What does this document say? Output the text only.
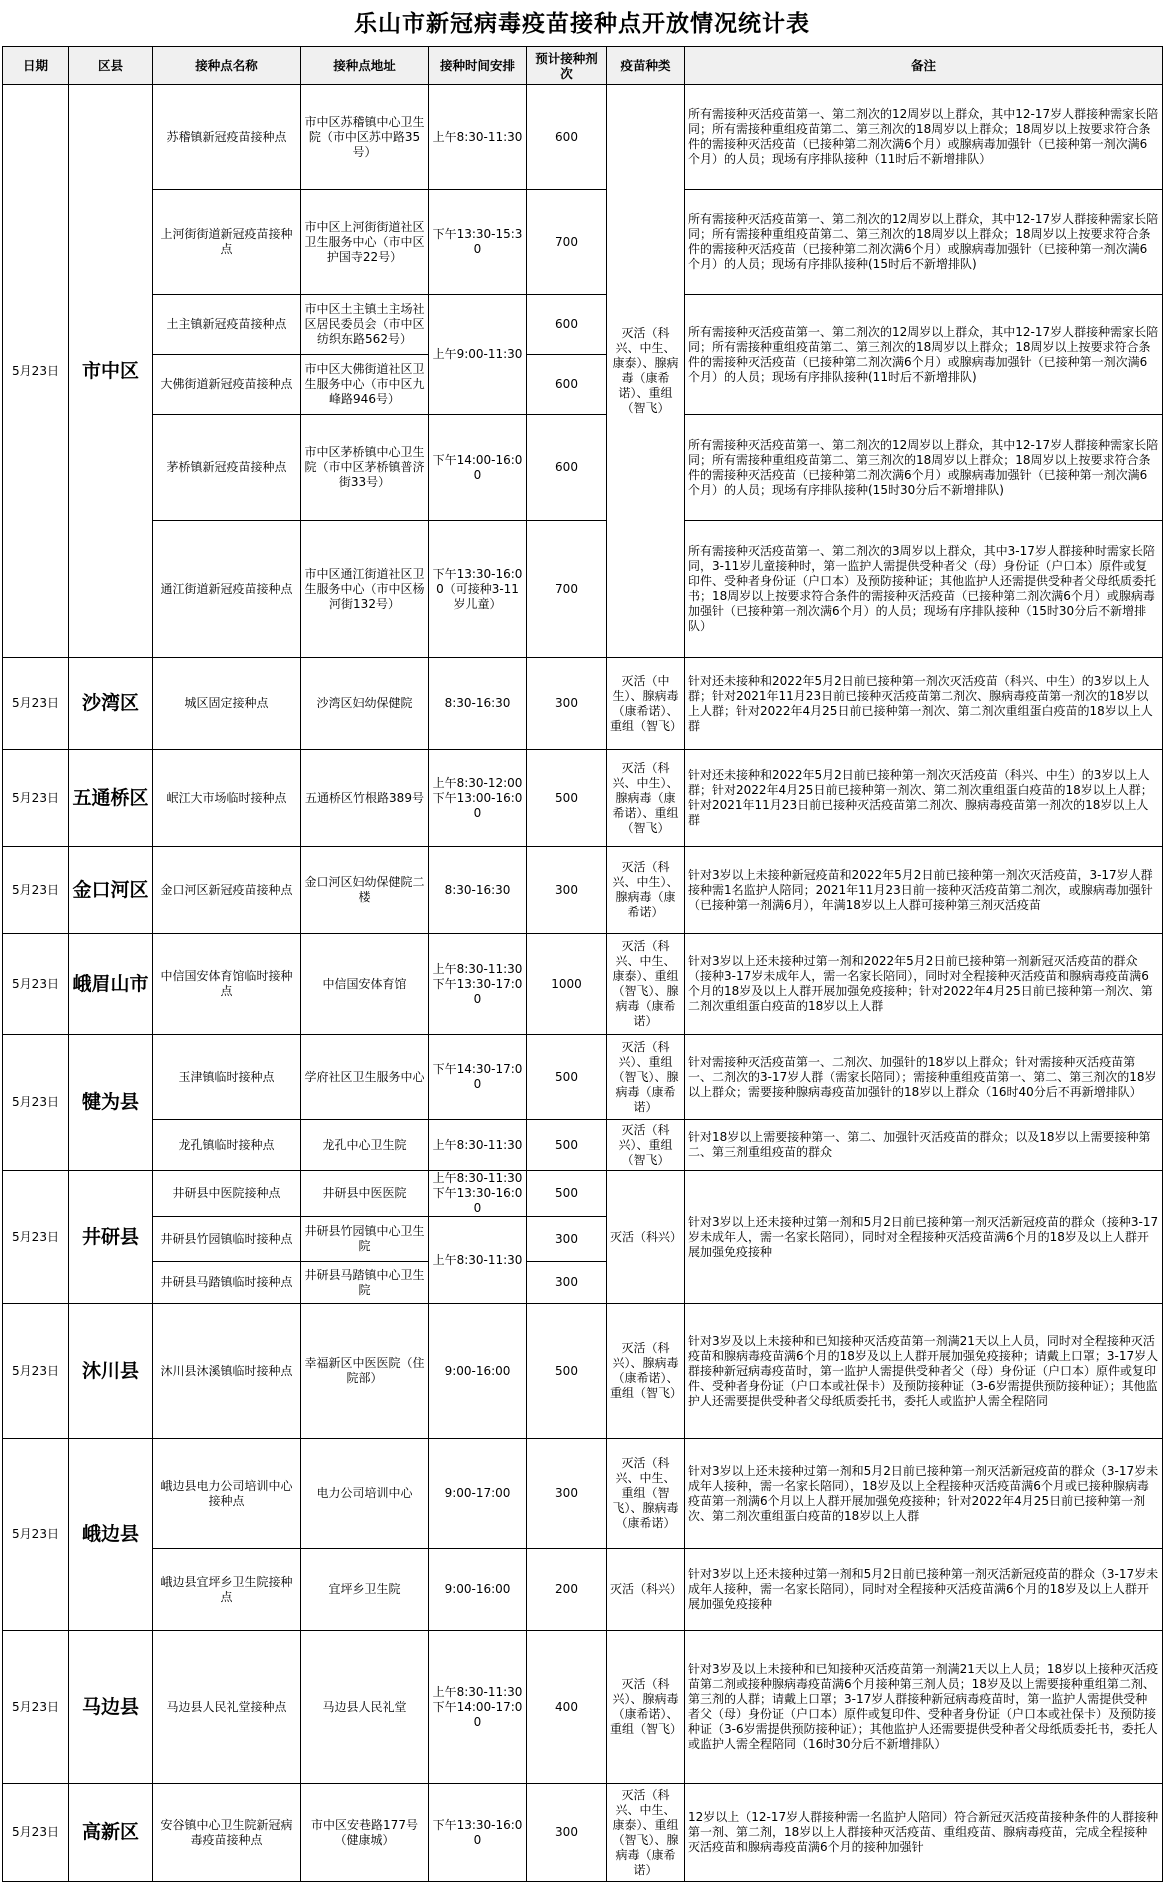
乐山市新冠病毒疫苗接种点开放情况统计表
日期	区县	接种点名称	接种点地址	接种时间安排	预计接种剂次	疫苗种类	备注
5月23日	市中区	苏稽镇新冠疫苗接种点	市中区苏稽镇中心卫生院（市中区苏中路35号）	上午8:30-11:30	600	灭活（科兴、中生、康泰）、腺病毒（康希诺）、重组（智飞）	所有需接种灭活疫苗第一、第二剂次的12周岁以上群众，其中12-17岁人群接种需家长陪同；所有需接种重组疫苗第二、第三剂次的18周岁以上群众；18周岁以上按要求符合条件的需接种灭活疫苗（已接种第二剂次满6个月）或腺病毒加强针（已接种第一剂次满6个月）的人员；现场有序排队接种（11时后不新增排队）
		上河街街道新冠疫苗接种点	市中区上河街街道社区卫生服务中心（市中区护国寺22号）	下午13:30-15:30	700		所有需接种灭活疫苗第一、第二剂次的12周岁以上群众，其中12-17岁人群接种需家长陪同；所有需接种重组疫苗第二、第三剂次的18周岁以上群众；18周岁以上按要求符合条件的需接种灭活疫苗（已接种第二剂次满6个月）或腺病毒加强针（已接种第一剂次满6个月）的人员；现场有序排队接种(15时后不新增排队)
		土主镇新冠疫苗接种点	市中区土主镇土主场社区居民委员会（市中区纺织东路562号）	上午9:00-11:30	600		所有需接种灭活疫苗第一、第二剂次的12周岁以上群众，其中12-17岁人群接种需家长陪同；所有需接种重组疫苗第二、第三剂次的18周岁以上群众；18周岁以上按要求符合条件的需接种灭活疫苗（已接种第二剂次满6个月）或腺病毒加强针（已接种第一剂次满6个月）的人员；现场有序排队接种(11时后不新增排队)
		大佛街道新冠疫苗接种点	市中区大佛街道社区卫生服务中心（市中区九峰路946号）		600		
		茅桥镇新冠疫苗接种点	市中区茅桥镇中心卫生院（市中区茅桥镇普济街33号）	下午14:00-16:00	600		所有需接种灭活疫苗第一、第二剂次的12周岁以上群众，其中12-17岁人群接种需家长陪同；所有需接种重组疫苗第二、第三剂次的18周岁以上群众；18周岁以上按要求符合条件的需接种灭活疫苗（已接种第二剂次满6个月）或腺病毒加强针（已接种第一剂次满6个月）的人员；现场有序排队接种(15时30分后不新增排队)
		通江街道新冠疫苗接种点	市中区通江街道社区卫生服务中心（市中区杨河街132号）	下午13:30-16:00（可接种3-11岁儿童）	700		所有需接种灭活疫苗第一、第二剂次的3周岁以上群众，其中3-17岁人群接种时需家长陪同，3-11岁儿童接种时，第一监护人需提供受种者父（母）身份证（户口本）原件或复印件、受种者身份证（户口本）及预防接种证；其他监护人还需提供受种者父母纸质委托书；18周岁以上按要求符合条件的需接种灭活疫苗（已接种第二剂次满6个月）或腺病毒加强针（已接种第一剂次满6个月）的人员；现场有序排队接种（15时30分后不新增排队）
5月23日	沙湾区	城区固定接种点	沙湾区妇幼保健院	8:30-16:30	300	灭活（中生）、腺病毒（康希诺）、重组（智飞）	针对还未接种和2022年5月2日前已接种第一剂次灭活疫苗（科兴、中生）的3岁以上人群；针对2021年11月23日前已接种灭活疫苗第二剂次、腺病毒疫苗第一剂次的18岁以上人群；针对2022年4月25日前已接种第一剂次、第二剂次重组蛋白疫苗的18岁以上人群
5月23日	五通桥区	岷江大市场临时接种点	五通桥区竹根路389号	上午8:30-12:00 下午13:00-16:00	500	灭活（科兴、中生）、腺病毒（康希诺）、重组（智飞）	针对还未接种和2022年5月2日前已接种第一剂次灭活疫苗（科兴、中生）的3岁以上人群；针对2022年4月25日前已接种第一剂次、第二剂次重组蛋白疫苗的18岁以上人群；针对2021年11月23日前已接种灭活疫苗第二剂次、腺病毒疫苗第一剂次的18岁以上人群
5月23日	金口河区	金口河区新冠疫苗接种点	金口河区妇幼保健院二楼	8:30-16:30	300	灭活（科兴、中生）、腺病毒（康希诺）	针对3岁以上未接种新冠疫苗和2022年5月2日前已接种第一剂次灭活疫苗，3-17岁人群接种需1名监护人陪同；2021年11月23日前一接种灭活疫苗第二剂次，或腺病毒加强针（已接种第一剂满6月），年满18岁以上人群可接种第三剂灭活疫苗
5月23日	峨眉山市	中信国安体育馆临时接种点	中信国安体育馆	上午8:30-11:30 下午13:30-17:00	1000	灭活（科兴、中生、康泰）、重组（智飞）、腺病毒（康希诺）	针对3岁以上还未接种过第一剂和2022年5月2日前已接种第一剂新冠灭活疫苗的群众（接种3-17岁未成年人，需一名家长陪同），同时对全程接种灭活疫苗和腺病毒疫苗满6个月的18岁及以上人群开展加强免疫接种；针对2022年4月25日前已接种第一剂次、第二剂次重组蛋白疫苗的18岁以上人群
5月23日	犍为县	玉津镇临时接种点	学府社区卫生服务中心	下午14:30-17:00	500	灭活（科兴）、重组（智飞）、腺病毒（康希诺）	针对需接种灭活疫苗第一、二剂次、加强针的18岁以上群众；针对需接种灭活疫苗第一、二剂次的3-17岁人群（需家长陪同）；需接种重组疫苗第一、第二、第三剂次的18岁以上群众；需要接种腺病毒疫苗加强针的18岁以上群众（16时40分后不再新增排队）
		龙孔镇临时接种点	龙孔中心卫生院	上午8:30-11:30	500	灭活（科兴）、重组（智飞）	针对18岁以上需要接种第一、第二、加强针灭活疫苗的群众；以及18岁以上需要接种第二、第三剂重组疫苗的群众
5月23日	井研县	井研县中医院接种点	井研县中医医院	上午8:30-11:30 下午13:30-16:00	500	灭活（科兴）	针对3岁以上还未接种过第一剂和5月2日前已接种第一剂灭活新冠疫苗的群众（接种3-17岁未成年人，需一名家长陪同），同时对全程接种灭活疫苗满6个月的18岁及以上人群开展加强免疫接种
		井研县竹园镇临时接种点	井研县竹园镇中心卫生院	上午8:30-11:30	300		
		井研县马踏镇临时接种点	井研县马踏镇中心卫生院		300		
5月23日	沐川县	沐川县沐溪镇临时接种点	幸福新区中医医院（住院部）	9:00-16:00	500	灭活（科兴）、腺病毒（康希诺）、重组（智飞）	针对3岁及以上未接种和已知接种灭活疫苗第一剂满21天以上人员，同时对全程接种灭活疫苗和腺病毒疫苗满6个月的18岁及以上人群开展加强免疫接种；请戴上口罩；3-17岁人群接种新冠病毒疫苗时，第一监护人需提供受种者父（母）身份证（户口本）原件或复印件、受种者身份证（户口本或社保卡）及预防接种证（3-6岁需提供预防接种证）；其他监护人还需要提供受种者父母纸质委托书，委托人或监护人需全程陪同
5月23日	峨边县	峨边县电力公司培训中心接种点	电力公司培训中心	9:00-17:00	300	灭活（科兴、中生、重组（智飞）、腺病毒（康希诺）	针对3岁以上还未接种过第一剂和5月2日前已接种第一剂灭活新冠疫苗的群众（3-17岁未成年人接种，需一名家长陪同），18岁及以上全程接种灭活疫苗满6个月或已接种腺病毒疫苗第一剂满6个月以上人群开展加强免疫接种；针对2022年4月25日前已接种第一剂次、第二剂次重组蛋白疫苗的18岁以上人群
		峨边县宜坪乡卫生院接种点	宜坪乡卫生院	9:00-16:00	200	灭活（科兴）	针对3岁以上还未接种过第一剂和5月2日前已接种第一剂灭活新冠疫苗的群众（3-17岁未成年人接种，需一名家长陪同），同时对全程接种灭活疫苗满6个月的18岁及以上人群开展加强免疫接种
5月23日	马边县	马边县人民礼堂接种点	马边县人民礼堂	上午8:30-11:30 下午14:00-17:00	400	灭活（科兴）、腺病毒（康希诺）、重组（智飞）	针对3岁及以上未接种和已知接种灭活疫苗第一剂满21天以上人员；18岁以上接种灭活疫苗第二剂或接种腺病毒疫苗满6个月接种第三剂人员；18岁及以上需要接种重组第二剂、第三剂的人群；请戴上口罩；3-17岁人群接种新冠病毒疫苗时，第一监护人需提供受种者父（母）身份证（户口本）原件或复印件、受种者身份证（户口本或社保卡）及预防接种证（3-6岁需提供预防接种证）；其他监护人还需要提供受种者父母纸质委托书，委托人或监护人需全程陪同（16时30分后不新增排队）
5月23日	高新区	安谷镇中心卫生院新冠病毒疫苗接种点	市中区安巷路177号（健康城）	下午13:30-16:00	300	灭活（科兴、中生、康泰）、重组（智飞）、腺病毒（康希诺）	12岁以上（12-17岁人群接种需一名监护人陪同）符合新冠灭活疫苗接种条件的人群接种第一剂、第二剂，18岁以上人群接种灭活疫苗、重组疫苗、腺病毒疫苗，完成全程接种灭活疫苗和腺病毒疫苗满6个月的接种加强针
